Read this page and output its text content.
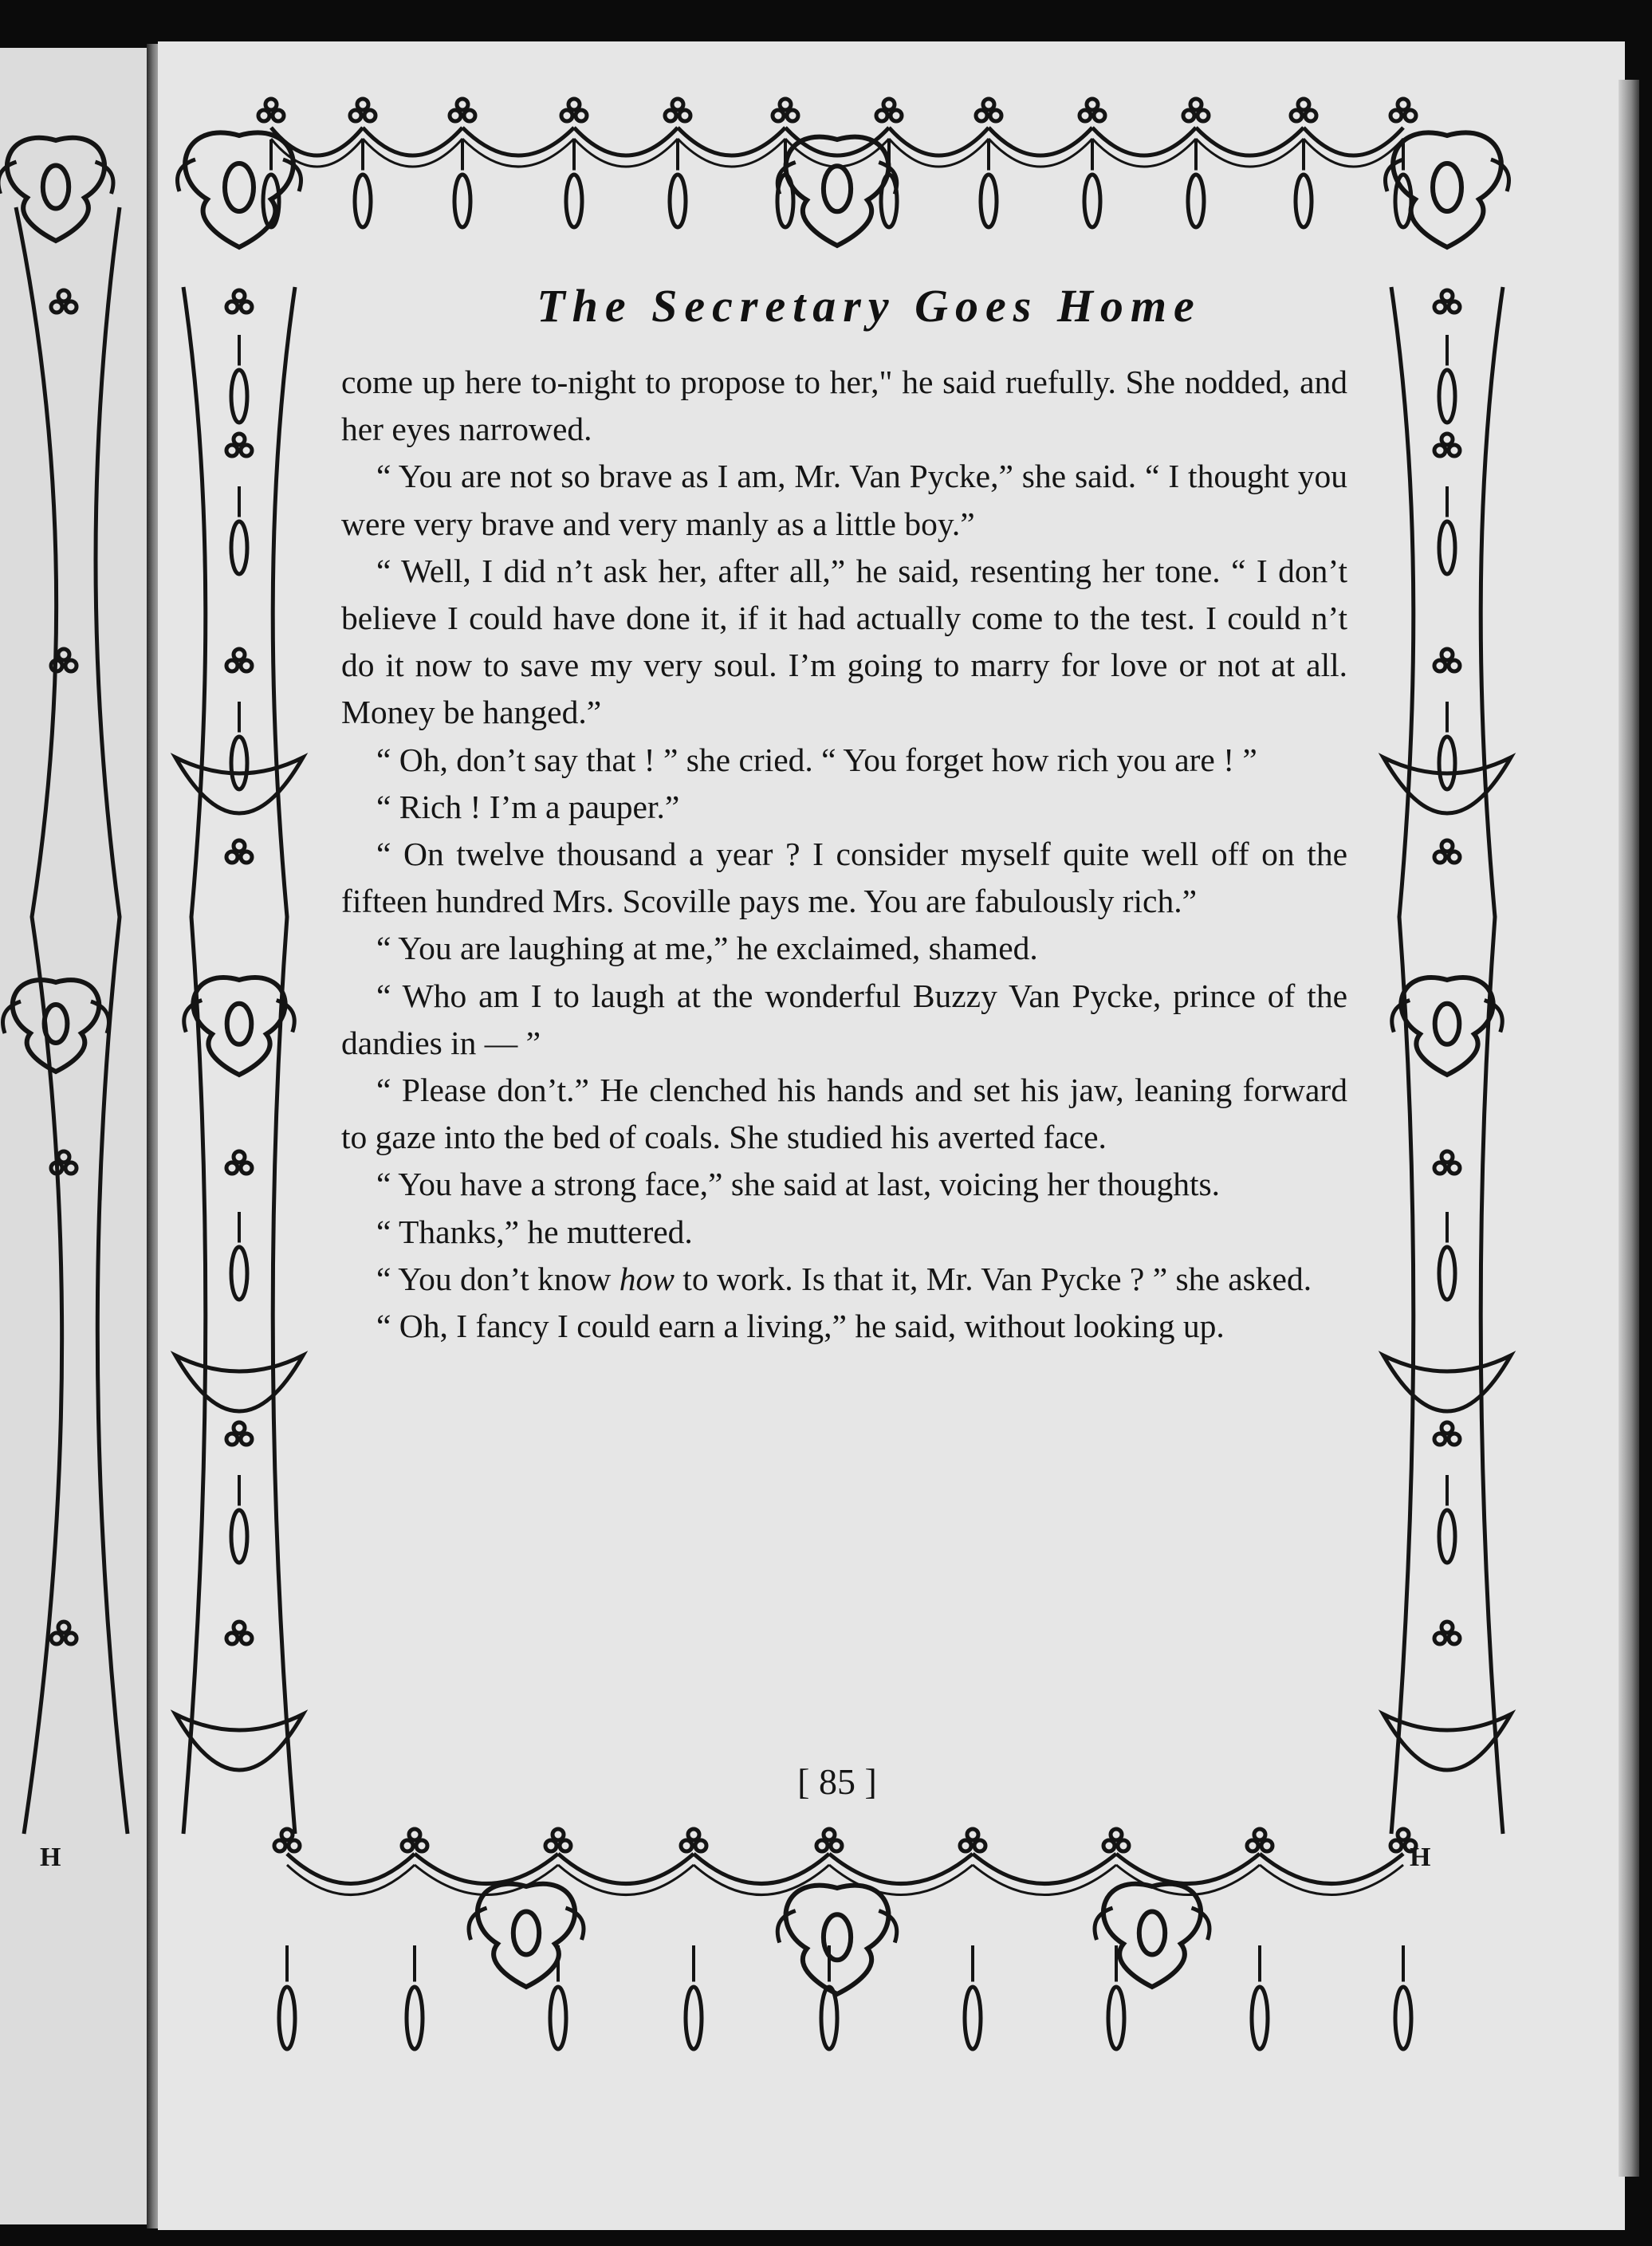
H	H
The Secretary Goes Home

come up here to-night to propose to her," he said ruefully. She nodded, and her eyes narrowed.

“ You are not so brave as I am, Mr. Van Pycke,” she said. “ I thought you were very brave and very manly as a little boy.”

“ Well, I did n’t ask her, after all,” he said, resenting her tone. “ I don’t believe I could have done it, if it had actually come to the test. I could n’t do it now to save my very soul. I’m going to marry for love or not at all. Money be hanged.”

“ Oh, don’t say that ! ” she cried. “ You forget how rich you are ! ”

“ Rich ! I’m a pauper.”

“ On twelve thousand a year ? I consider myself quite well off on the fifteen hundred Mrs. Scoville pays me. You are fabulously rich.”

“ You are laughing at me,” he exclaimed, shamed.

“ Who am I to laugh at the wonderful Buzzy Van Pycke, prince of the dandies in — ”

“ Please don’t.” He clenched his hands and set his jaw, leaning forward to gaze into the bed of coals. She studied his averted face.

“ You have a strong face,” she said at last, voicing her thoughts.

“ Thanks,” he muttered.

“ You don’t know how to work. Is that it, Mr. Van Pycke ? ” she asked.

“ Oh, I fancy I could earn a living,” he said, without looking up.

[ 85 ]
